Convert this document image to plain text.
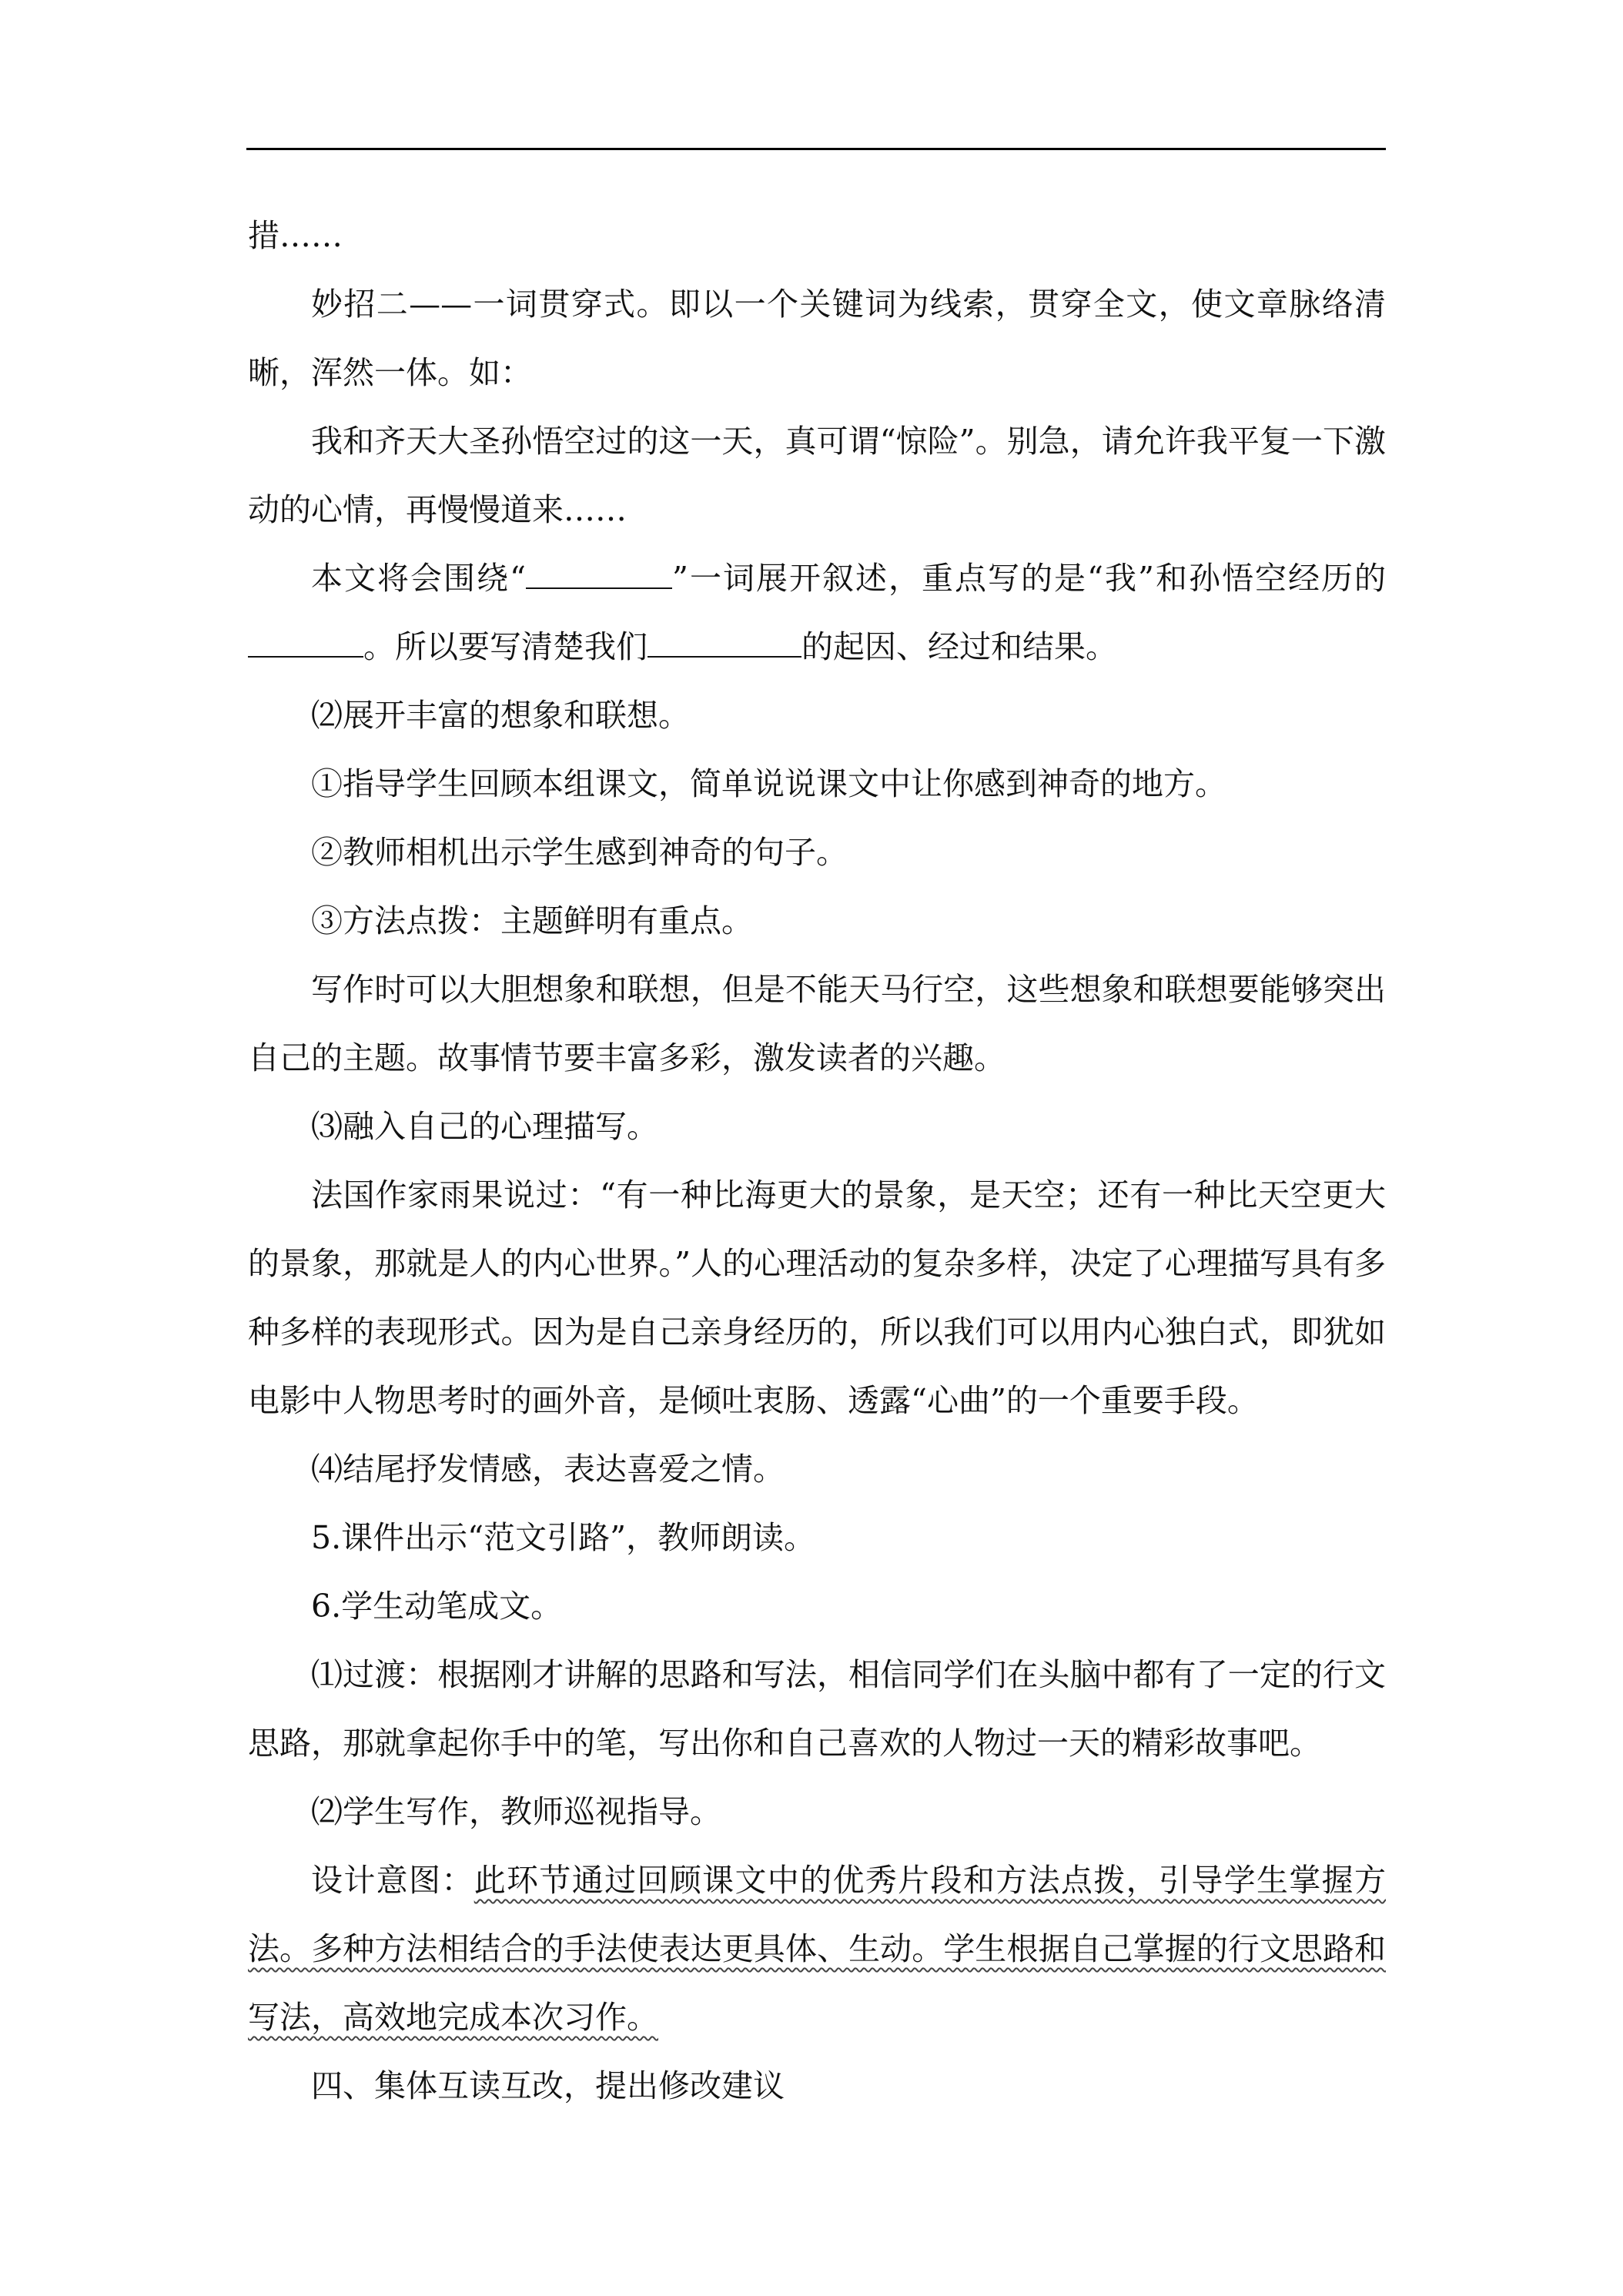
措……

妙招二——一词贯穿式。即以一个关键词为线索，贯穿全文，使文章脉络清晰，浑然一体。如：

我和齐天大圣孙悟空过的这一天，真可谓“惊险”。别急，请允许我平复一下激动的心情，再慢慢道来……

本文将会围绕“	”一词展开叙述，重点写的是“我”和孙悟空经历的。所以要写清楚我们	的起因、经过和结果。

⑵展开丰富的想象和联想。

①指导学生回顾本组课文，简单说说课文中让你感到神奇的地方。

②教师相机出示学生感到神奇的句子。

③方法点拨：主题鲜明有重点。

写作时可以大胆想象和联想，但是不能天马行空，这些想象和联想要能够突出自己的主题。故事情节要丰富多彩，激发读者的兴趣。

⑶融入自己的心理描写。

法国作家雨果说过：“有一种比海更大的景象，是天空；还有一种比天空更大的景象，那就是人的内心世界。”人的心理活动的复杂多样，决定了心理描写具有多种多样的表现形式。因为是自己亲身经历的，所以我们可以用内心独白式，即犹如电影中人物思考时的画外音，是倾吐衷肠、透露“心曲”的一个重要手段。

⑷结尾抒发情感，表达喜爱之情。

5.课件出示“范文引路”，教师朗读。

6.学生动笔成文。

⑴过渡：根据刚才讲解的思路和写法，相信同学们在头脑中都有了一定的行文思路，那就拿起你手中的笔，写出你和自己喜欢的人物过一天的精彩故事吧。

⑵学生写作，教师巡视指导。

设计意图：此环节通过回顾课文中的优秀片段和方法点拨，引导学生掌握方法。多种方法相结合的手法使表达更具体、生动。学生根据自己掌握的行文思路和写法，高效地完成本次习作。

四、集体互读互改，提出修改建议
